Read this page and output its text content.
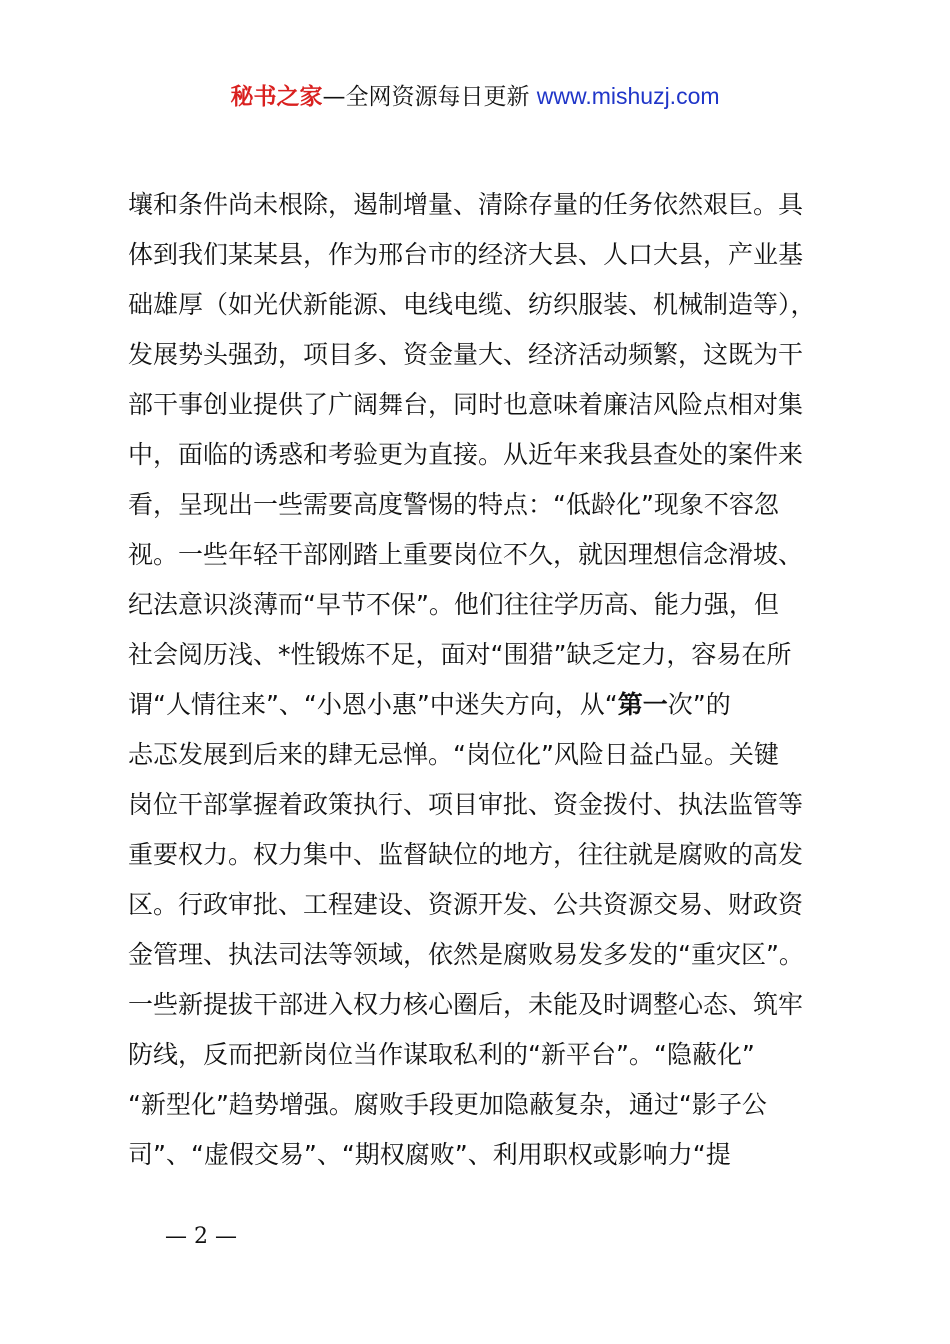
秘书之家—全网资源每日更新 www.mishuzj.com
壤和条件尚未根除，遏制增量、清除存量的任务依然艰巨。具
体到我们某某县，作为邢台市的经济大县、人口大县，产业基
础雄厚（如光伏新能源、电线电缆、纺织服装、机械制造等），
发展势头强劲，项目多、资金量大、经济活动频繁，这既为干
部干事创业提供了广阔舞台，同时也意味着廉洁风险点相对集
中，面临的诱惑和考验更为直接。从近年来我县查处的案件来
看，呈现出一些需要高度警惕的特点：“低龄化”现象不容忽
视。一些年轻干部刚踏上重要岗位不久，就因理想信念滑坡、
纪法意识淡薄而“早节不保”。他们往往学历高、能力强，但
社会阅历浅、*性锻炼不足，面对“围猎”缺乏定力，容易在所
谓“人情往来”、“小恩小惠”中迷失方向，从“第一次”的
忐忑发展到后来的肆无忌惮。“岗位化”风险日益凸显。关键
岗位干部掌握着政策执行、项目审批、资金拨付、执法监管等
重要权力。权力集中、监督缺位的地方，往往就是腐败的高发
区。行政审批、工程建设、资源开发、公共资源交易、财政资
金管理、执法司法等领域，依然是腐败易发多发的“重灾区”。
一些新提拔干部进入权力核心圈后，未能及时调整心态、筑牢
防线，反而把新岗位当作谋取私利的“新平台”。“隐蔽化”
“新型化”趋势增强。腐败手段更加隐蔽复杂，通过“影子公
司”、“虚假交易”、“期权腐败”、利用职权或影响力“提
— 2 —
